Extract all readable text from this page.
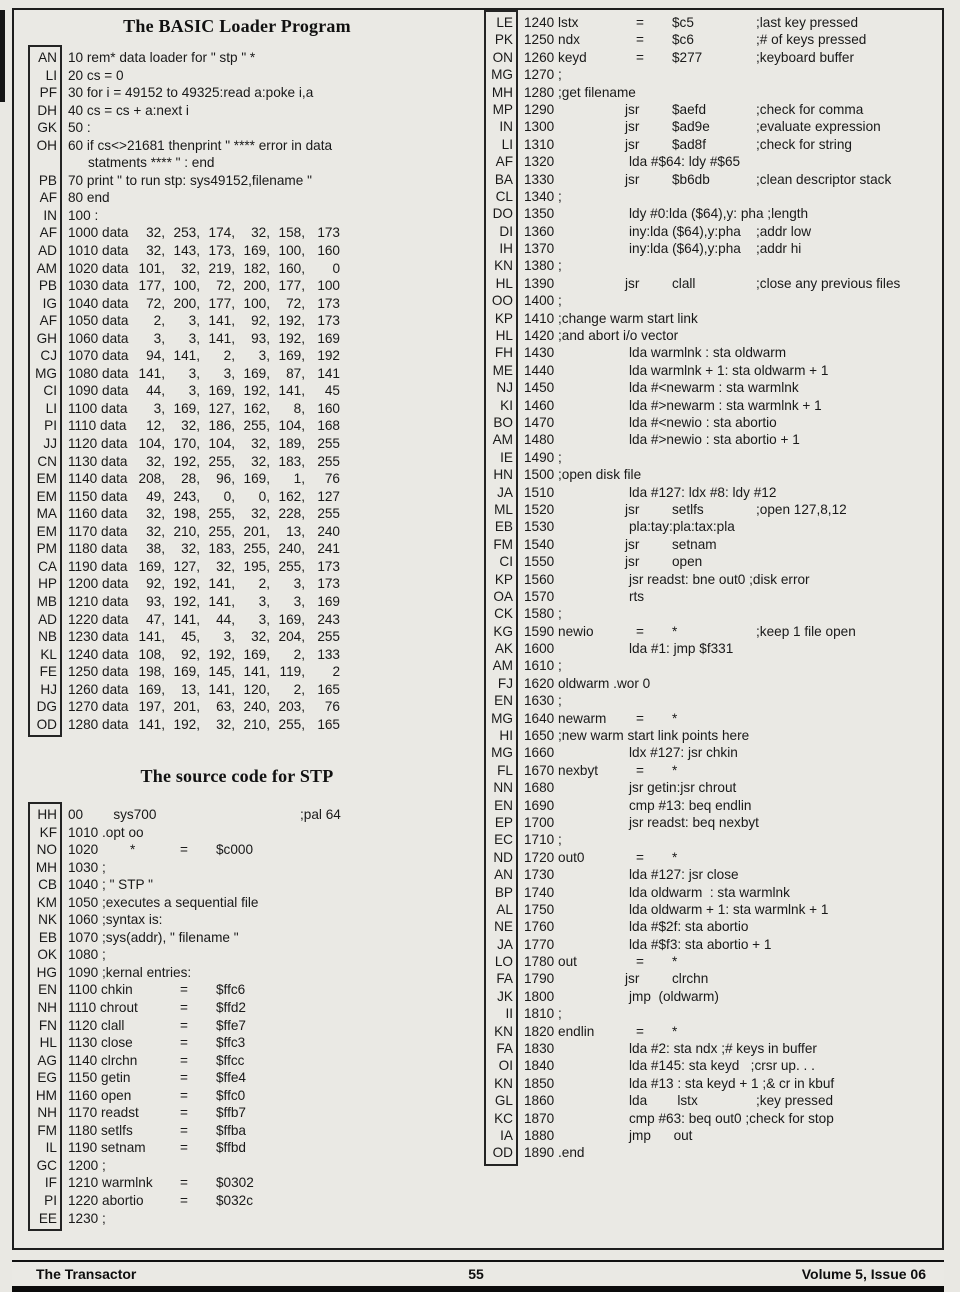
The BASIC Loader Program
AN 10 rem* data loader for " stp " *
LI 20 cs = 0
PF 30 for i = 49152 to 49325:read a:poke i,a
DH 40 cs = cs + a:next i
GK 50 :
OH 60 if cs<>21681 thenprint " **** error in data
statments **** " : end
PB 70 print " to run stp: sys49152,filename "
AF 80 end
IN 100 :
AF 1000 data 32, 253, 174, 32, 158, 173
AD 1010 data 32, 143, 173, 169, 100, 160
AM 1020 data 101, 32, 219, 182, 160, 0
PB 1030 data 177, 100, 72, 200, 177, 100
IG 1040 data 72, 200, 177, 100, 72, 173
AF 1050 data 2, 3, 141, 92, 192, 173
GH 1060 data 3, 3, 141, 93, 192, 169
CJ 1070 data 94, 141, 2, 3, 169, 192
MG 1080 data 141, 3, 3, 169, 87, 141
CI 1090 data 44, 3, 169, 192, 141, 45
LI 1100 data 3, 169, 127, 162, 8, 160
PI 1110 data 12, 32, 186, 255, 104, 168
JJ 1120 data 104, 170, 104, 32, 189, 255
CN 1130 data 32, 192, 255, 32, 183, 255
EM 1140 data 208, 28, 96, 169, 1, 76
EM 1150 data 49, 243, 0, 0, 162, 127
MA 1160 data 32, 198, 255, 32, 228, 255
EM 1170 data 32, 210, 255, 201, 13, 240
PM 1180 data 38, 32, 183, 255, 240, 241
CA 1190 data 169, 127, 32, 195, 255, 173
HP 1200 data 92, 192, 141, 2, 3, 173
MB 1210 data 93, 192, 141, 3, 3, 169
AD 1220 data 47, 141, 44, 3, 169, 243
NB 1230 data 141, 45, 3, 32, 204, 255
KL 1240 data 108, 92, 192, 169, 2, 133
FE 1250 data 198, 169, 145, 141, 119, 2
HJ 1260 data 169, 13, 141, 120, 2, 165
DG 1270 data 197, 201, 63, 240, 203, 76
OD 1280 data 141, 192, 32, 210, 255, 165
The source code for STP
HH 00        sys700	;pal 64
KF 1010 .opt oo
NO 1020 *	= $c000
MH 1030 ;
CB 1040 ; " STP "
KM 1050 ;executes a sequential file
NK 1060 ;syntax is:
EB 1070 ;sys(addr), " filename "
OK 1080 ;
HG 1090 ;kernal entries:
EN 1100 chkin	= $ffc6
NH 1110 chrout	= $ffd2
FN 1120 clall	= $ffe7
HL 1130 close	= $ffc3
AG 1140 clrchn	= $ffcc
EG 1150 getin	= $ffe4
HM 1160 open	= $ffc0
NH 1170 readst	= $ffb7
FM 1180 setlfs	= $ffba
IL 1190 setnam	= $ffbd
GC 1200 ;
IF 1210 warmlnk = $0302
PI 1220 abortio	= $032c
EE 1230 ;
LE 1240 lstx	= $c5	;last key pressed
PK 1250 ndx	= $c6	;# of keys pressed
ON 1260 keyd	= $277	;keyboard buffer
MG 1270 ;
MH 1280 ;get filename
MP 1290	jsr $aefd	;check for comma
IN 1300	jsr $ad9e	;evaluate expression
LI 1310	jsr $ad8f	;check for string
AF 1320	lda #$64: ldy #$65
BA 1330	jsr $b6db	;clean descriptor stack
CL 1340 ;
DO 1350	ldy #0:lda ($64),y: pha ;length
DI 1360	iny:lda ($64),y:pha    ;addr low
IH 1370	iny:lda ($64),y:pha    ;addr hi
KN 1380 ;
HL 1390	jsr clall	;close any previous files
OO 1400 ;
KP 1410 ;change warm start link
HL 1420 ;and abort i/o vector
FH 1430	lda warmlnk : sta oldwarm
ME 1440	lda warmlnk + 1: sta oldwarm + 1
NJ 1450	lda #<newarm : sta warmlnk
KI 1460	lda #>newarm : sta warmlnk + 1
BO 1470	lda #<newio : sta abortio
AM 1480	lda #>newio : sta abortio + 1
IE 1490 ;
HN 1500 ;open disk file
JA 1510	lda #127: ldx #8: ldy #12
ML 1520	jsr setlfs	;open 127,8,12
EB 1530	pla:tay:pla:tax:pla
FM 1540	jsr setnam
CI 1550	jsr open
KP 1560	jsr readst: bne out0 ;disk error
OA 1570	rts
CK 1580 ;
KG 1590 newio	= *	;keep 1 file open
AK 1600	lda #1: jmp $f331
AM 1610 ;
FJ 1620 oldwarm .wor 0
EN 1630 ;
MG 1640 newarm = *
HI 1650 ;new warm start link points here
MG 1660	ldx #127: jsr chkin
FL 1670 nexbyt	= *
NN 1680	jsr getin:jsr chrout
EN 1690	cmp #13: beq endlin
EP 1700	jsr readst: beq nexbyt
EC 1710 ;
ND 1720 out0	= *
AN 1730	lda #127: jsr close
BP 1740	lda oldwarm  : sta warmlnk
AL 1750	lda oldwarm + 1: sta warmlnk + 1
NE 1760	lda #$2f: sta abortio
JA 1770	lda #$f3: sta abortio + 1
LO 1780 out	= *
FA 1790	jsr clrchn
JK 1800	jmp  (oldwarm)
II 1810 ;
KN 1820 endlin	= *
FA 1830	lda #2: sta ndx ;# keys in buffer
OI 1840	lda #145: sta keyd   ;crsr up. . .
KN 1850	lda #13 : sta keyd + 1 ;& cr in kbuf
GL 1860	lda        lstx	;key pressed
KC 1870	cmp #63: beq out0 ;check for stop
IA 1880	jmp      out
OD 1890 .end
The Transactor	55	Volume 5, Issue 06
